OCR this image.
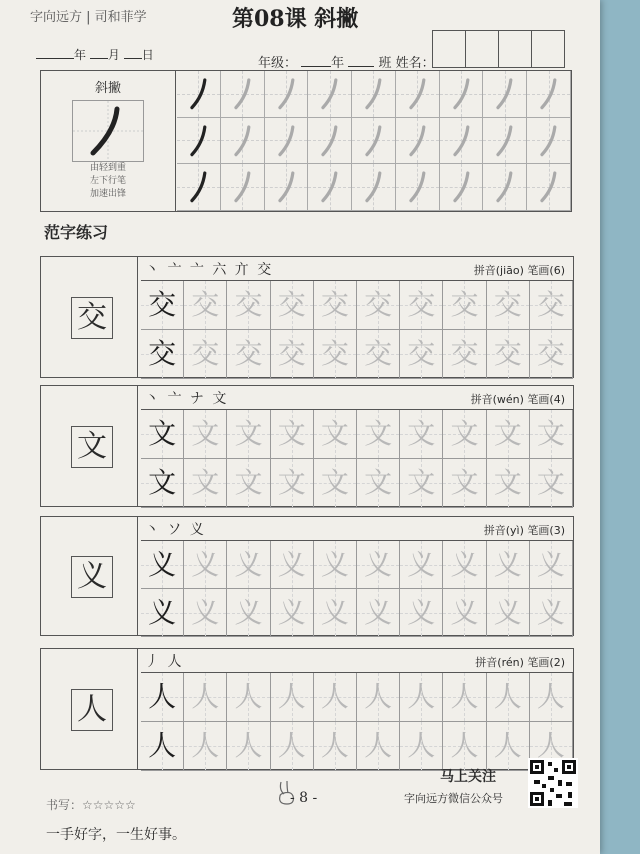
字向远方 | 司和菲学	第08课 斜撇
年 月 日
年级：	年	班 姓名：
斜撇
由轻到重
左下行笔
加速出锋
范字练习
交
丶 亠 亠 六 亣 交	拼音(jiāo) 笔画(6)
交 交 交 交 交 交 交 交 交 交
交 交 交 交 交 交 交 交 交 交
文
丶 亠 ナ 文	拼音(wén) 笔画(4)
文 文 文 文 文 文 文 文 文 文
文 文 文 文 文 文 文 文 文 文
义
丶 ソ 义	拼音(yì) 笔画(3)
义 义 义 义 义 义 义 义 义 义
义 义 义 义 义 义 义 义 义 义
人
丿 人	拼音(rén) 笔画(2)
人 人 人 人 人 人 人 人 人 人
人 人 人 人 人 人 人 人 人 人
马上关注
字向远方微信公众号
- 8 -
书写：☆☆☆☆☆
一手好字，一生好事。
